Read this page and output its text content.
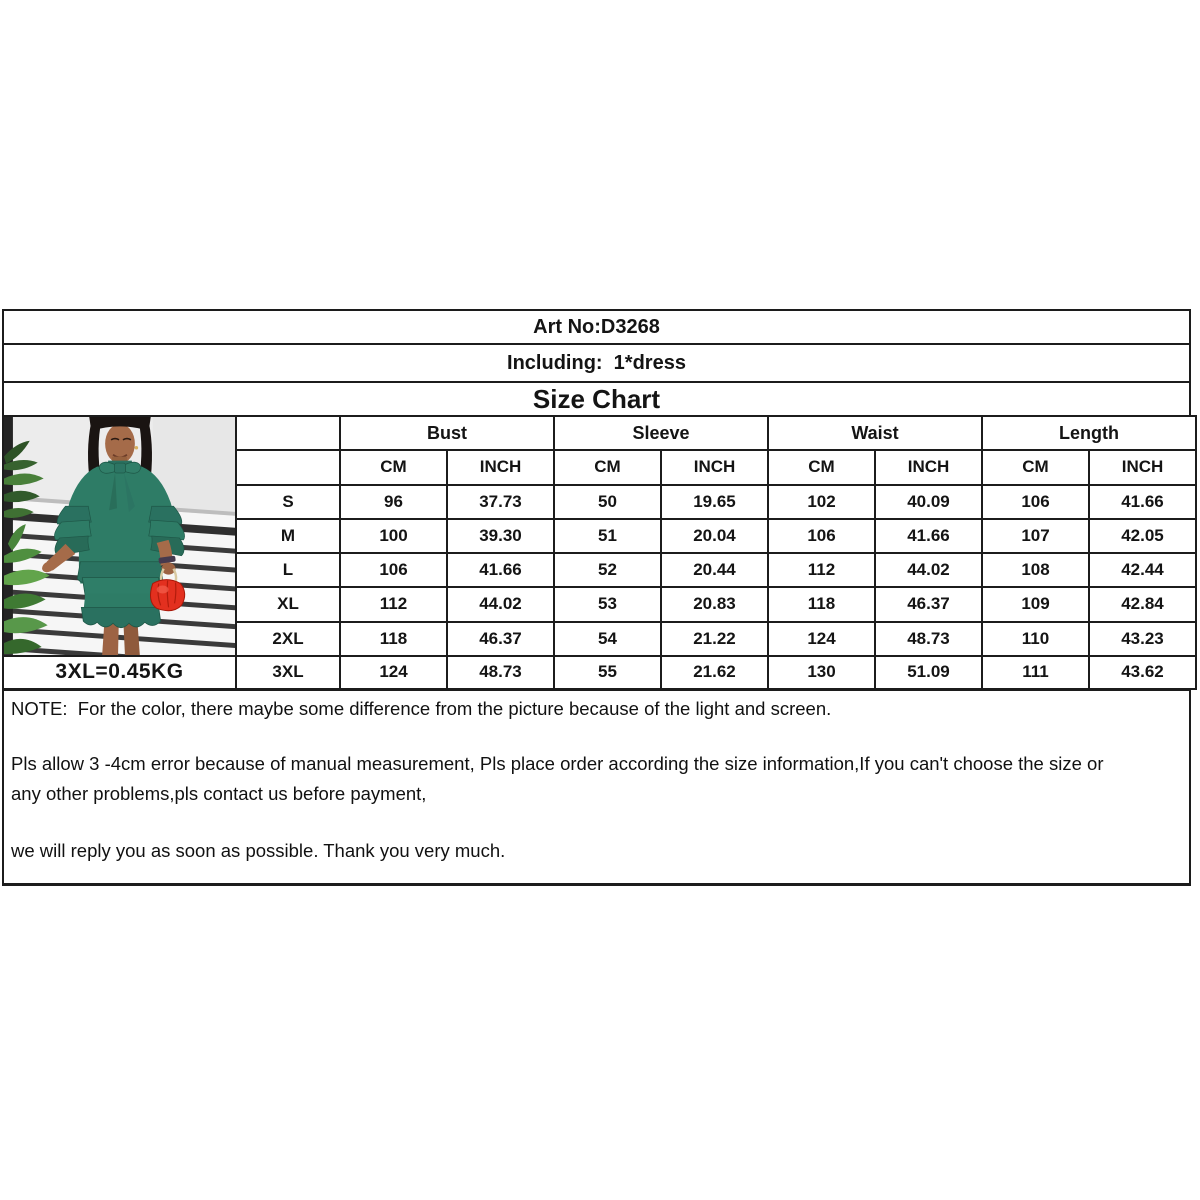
Art No:D3268
Including:  1*dress
Size Chart
		Bust		Sleeve		Waist		Length	
		CM	INCH	CM	INCH	CM	INCH	CM	INCH
	S	96	37.73	50	19.65	102	40.09	106	41.66
	M	100	39.30	51	20.04	106	41.66	107	42.05
	L	106	41.66	52	20.44	112	44.02	108	42.44
	XL	112	44.02	53	20.83	118	46.37	109	42.84
	2XL	118	46.37	54	21.22	124	48.73	110	43.23
3XL=0.45KG	3XL	124	48.73	55	21.62	130	51.09	111	43.62

NOTE:  For the color, there maybe some difference from the picture because of the light and screen.

Pls allow 3 -4cm error because of manual measurement, Pls place order according the size information,If you can't choose the size or

any other problems,pls contact us before payment,

we will reply you as soon as possible. Thank you very much.
